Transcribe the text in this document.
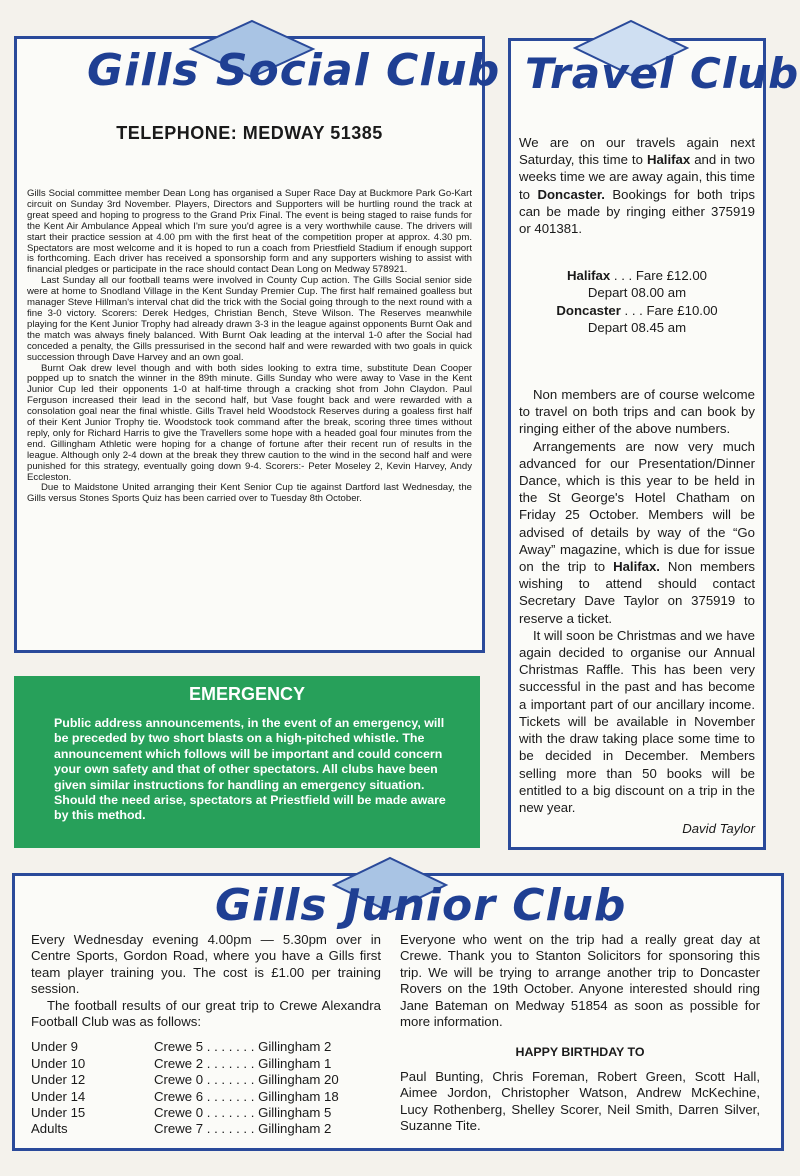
Gills Social Club
TELEPHONE: MEDWAY 51385

Gills Social committee member Dean Long has organised a Super Race Day at Buckmore Park Go-Kart circuit on Sunday 3rd November. Players, Directors and Supporters will be hurtling round the track at great speed and hoping to progress to the Grand Prix Final. The event is being staged to raise funds for the Kent Air Ambulance Appeal which I'm sure you'd agree is a very worthwhile cause. The drivers will start their practice session at 4.00 pm with the first heat of the competition proper at approx. 4.30 pm. Spectators are most welcome and it is hoped to run a coach from Priestfield Stadium if enough support is forthcoming. Each driver has received a sponsorship form and any supporters wishing to assist with financial pledges or participate in the race should contact Dean Long on Medway 578921.

Last Sunday all our football teams were involved in County Cup action. The Gills Social senior side were at home to Snodland Village in the Kent Sunday Premier Cup. The first half remained goalless but manager Steve Hillman's interval chat did the trick with the Social going through to the next round with a fine 3-0 victory. Scorers: Derek Hedges, Christian Bench, Steve Wilson. The Reserves meanwhile playing for the Kent Junior Trophy had already drawn 3-3 in the league against opponents Burnt Oak and the match was always finely balanced. With Burnt Oak leading at the interval 1-0 after the Social had conceded a penalty, the Gills pressurised in the second half and were rewarded with two goals in quick succession through Dave Harvey and an own goal.

Burnt Oak drew level though and with both sides looking to extra time, substitute Dean Cooper popped up to snatch the winner in the 89th minute. Gills Sunday who were away to Vase in the Kent Junior Cup led their opponents 1-0 at half-time through a cracking shot from John Claydon. Paul Ferguson increased their lead in the second half, but Vase fought back and were rewarded with a consolation goal near the final whistle. Gills Travel held Woodstock Reserves during a goaless first half of their Kent Junior Trophy tie. Woodstock took command after the break, scoring three times without reply, only for Richard Harris to give the Travellers some hope with a headed goal four minutes from the end. Gillingham Athletic were hoping for a change of fortune after their recent run of results in the league. Although only 2-4 down at the break they threw caution to the wind in the second half and were punished for this strategy, eventually going down 9-4. Scorers:- Peter Moseley 2, Kevin Harvey, Andy Eccleston.

Due to Maidstone United arranging their Kent Senior Cup tie against Dartford last Wednesday, the Gills versus Stones Sports Quiz has been carried over to Tuesday 8th October.

Travel Club

We are on our travels again next Saturday, this time to Halifax and in two weeks time we are away again, this time to Doncaster. Bookings for both trips can be made by ringing either 375919 or 401381.

Halifax . . . Fare £12.00
Depart 08.00 am
Doncaster . . . Fare £10.00
Depart 08.45 am

Non members are of course welcome to travel on both trips and can book by ringing either of the above numbers.

Arrangements are now very much advanced for our Presentation/Dinner Dance, which is this year to be held in the St George's Hotel Chatham on Friday 25 October. Members will be advised of details by way of the “Go Away” magazine, which is due for issue on the trip to Halifax. Non members wishing to attend should contact Secretary Dave Taylor on 375919 to reserve a ticket.

It will soon be Christmas and we have again decided to organise our Annual Christmas Raffle. This has been very successful in the past and has become a important part of our ancillary income. Tickets will be available in November with the draw taking place some time to be decided in December. Members selling more than 50 books will be entitled to a big discount on a trip in the new year.

David Taylor
EMERGENCY
Public address announcements, in the event of an emergency, will be preceded by two short blasts on a high-pitched whistle. The announcement which follows will be important and could concern your own safety and that of other spectators. All clubs have been given similar instructions for handling an emergency situation. Should the need arise, spectators at Priestfield will be made aware by this method.
Gills Junior Club

Every Wednesday evening 4.00pm — 5.30pm over in Centre Sports, Gordon Road, where you have a Gills first team player training you. The cost is £1.00 per training session.

The football results of our great trip to Crewe Alexandra Football Club was as follows:

Under 9	Crewe 5 . . . . . . . Gillingham 2
Under 10	Crewe 2 . . . . . . . Gillingham 1
Under 12	Crewe 0 . . . . . . . Gillingham 20
Under 14	Crewe 6 . . . . . . . Gillingham 18
Under 15	Crewe 0 . . . . . . . Gillingham 5
Adults	Crewe 7 . . . . . . . Gillingham 2

Everyone who went on the trip had a really great day at Crewe. Thank you to Stanton Solicitors for sponsoring this trip. We will be trying to arrange another trip to Doncaster Rovers on the 19th October. Anyone interested should ring Jane Bateman on Medway 51854 as soon as possible for more information.

HAPPY BIRTHDAY TO

Paul Bunting, Chris Foreman, Robert Green, Scott Hall, Aimee Jordon, Christopher Watson, Andrew McKechine, Lucy Rothenberg, Shelley Scorer, Neil Smith, Darren Silver, Suzanne Tite.
